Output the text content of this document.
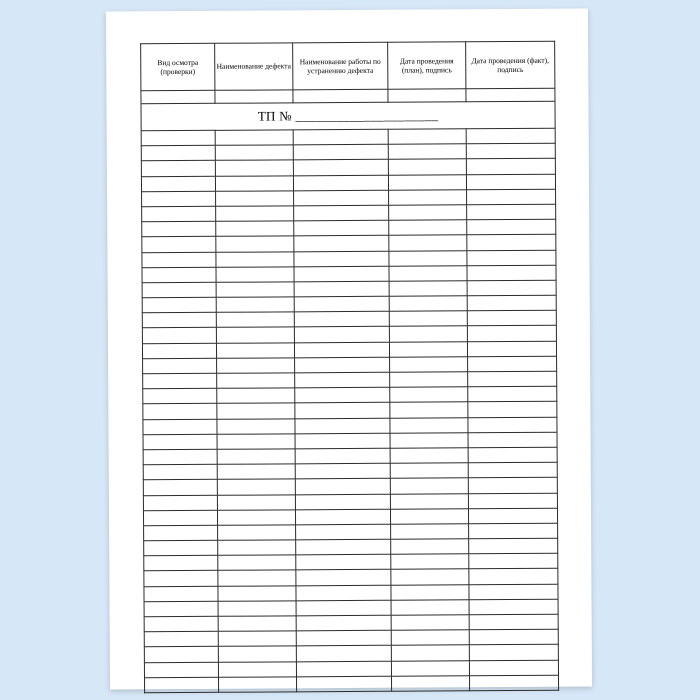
Вид осмотра (проверки)	Наименование дефекта	Наименование работы по устранению дефекта	Дата проведения (план), подпись	Дата проведения (факт), подпись

ТП № _____________________				
